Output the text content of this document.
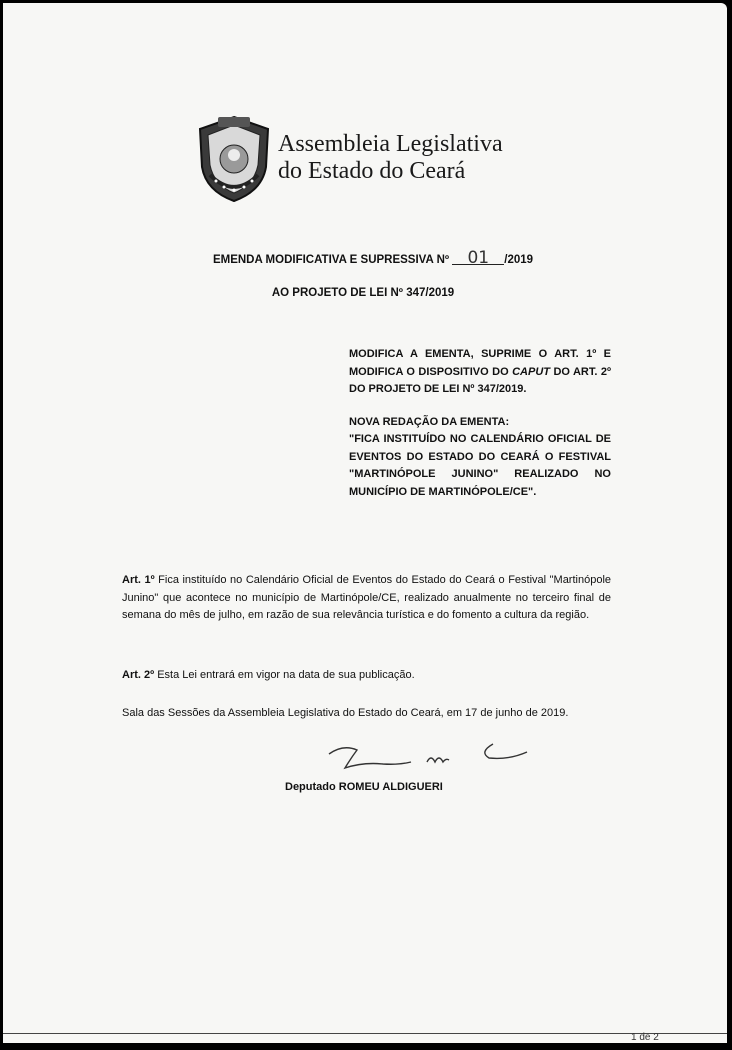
Assembleia Legislativa
do Estado do Ceará
EMENDA MODIFICATIVA E SUPRESSIVA Nº 01 /2019
AO PROJETO DE LEI Nº 347/2019

MODIFICA A EMENTA, SUPRIME O ART. 1º E MODIFICA O DISPOSITIVO DO CAPUT DO ART. 2º DO PROJETO DE LEI Nº 347/2019.

NOVA REDAÇÃO DA EMENTA:

"FICA INSTITUÍDO NO CALENDÁRIO OFICIAL DE EVENTOS DO ESTADO DO CEARÁ O FESTIVAL "MARTINÓPOLE JUNINO" REALIZADO NO MUNICÍPIO DE MARTINÓPOLE/CE".

Art. 1º Fica instituído no Calendário Oficial de Eventos do Estado do Ceará o Festival "Martinópole Junino" que acontece no município de Martinópole/CE, realizado anualmente no terceiro final de semana do mês de julho, em razão de sua relevância turística e do fomento a cultura da região.

Art. 2º Esta Lei entrará em vigor na data de sua publicação.

Sala das Sessões da Assembleia Legislativa do Estado do Ceará, em 17 de junho de 2019.

Deputado ROMEU ALDIGUERI
1 de 2
